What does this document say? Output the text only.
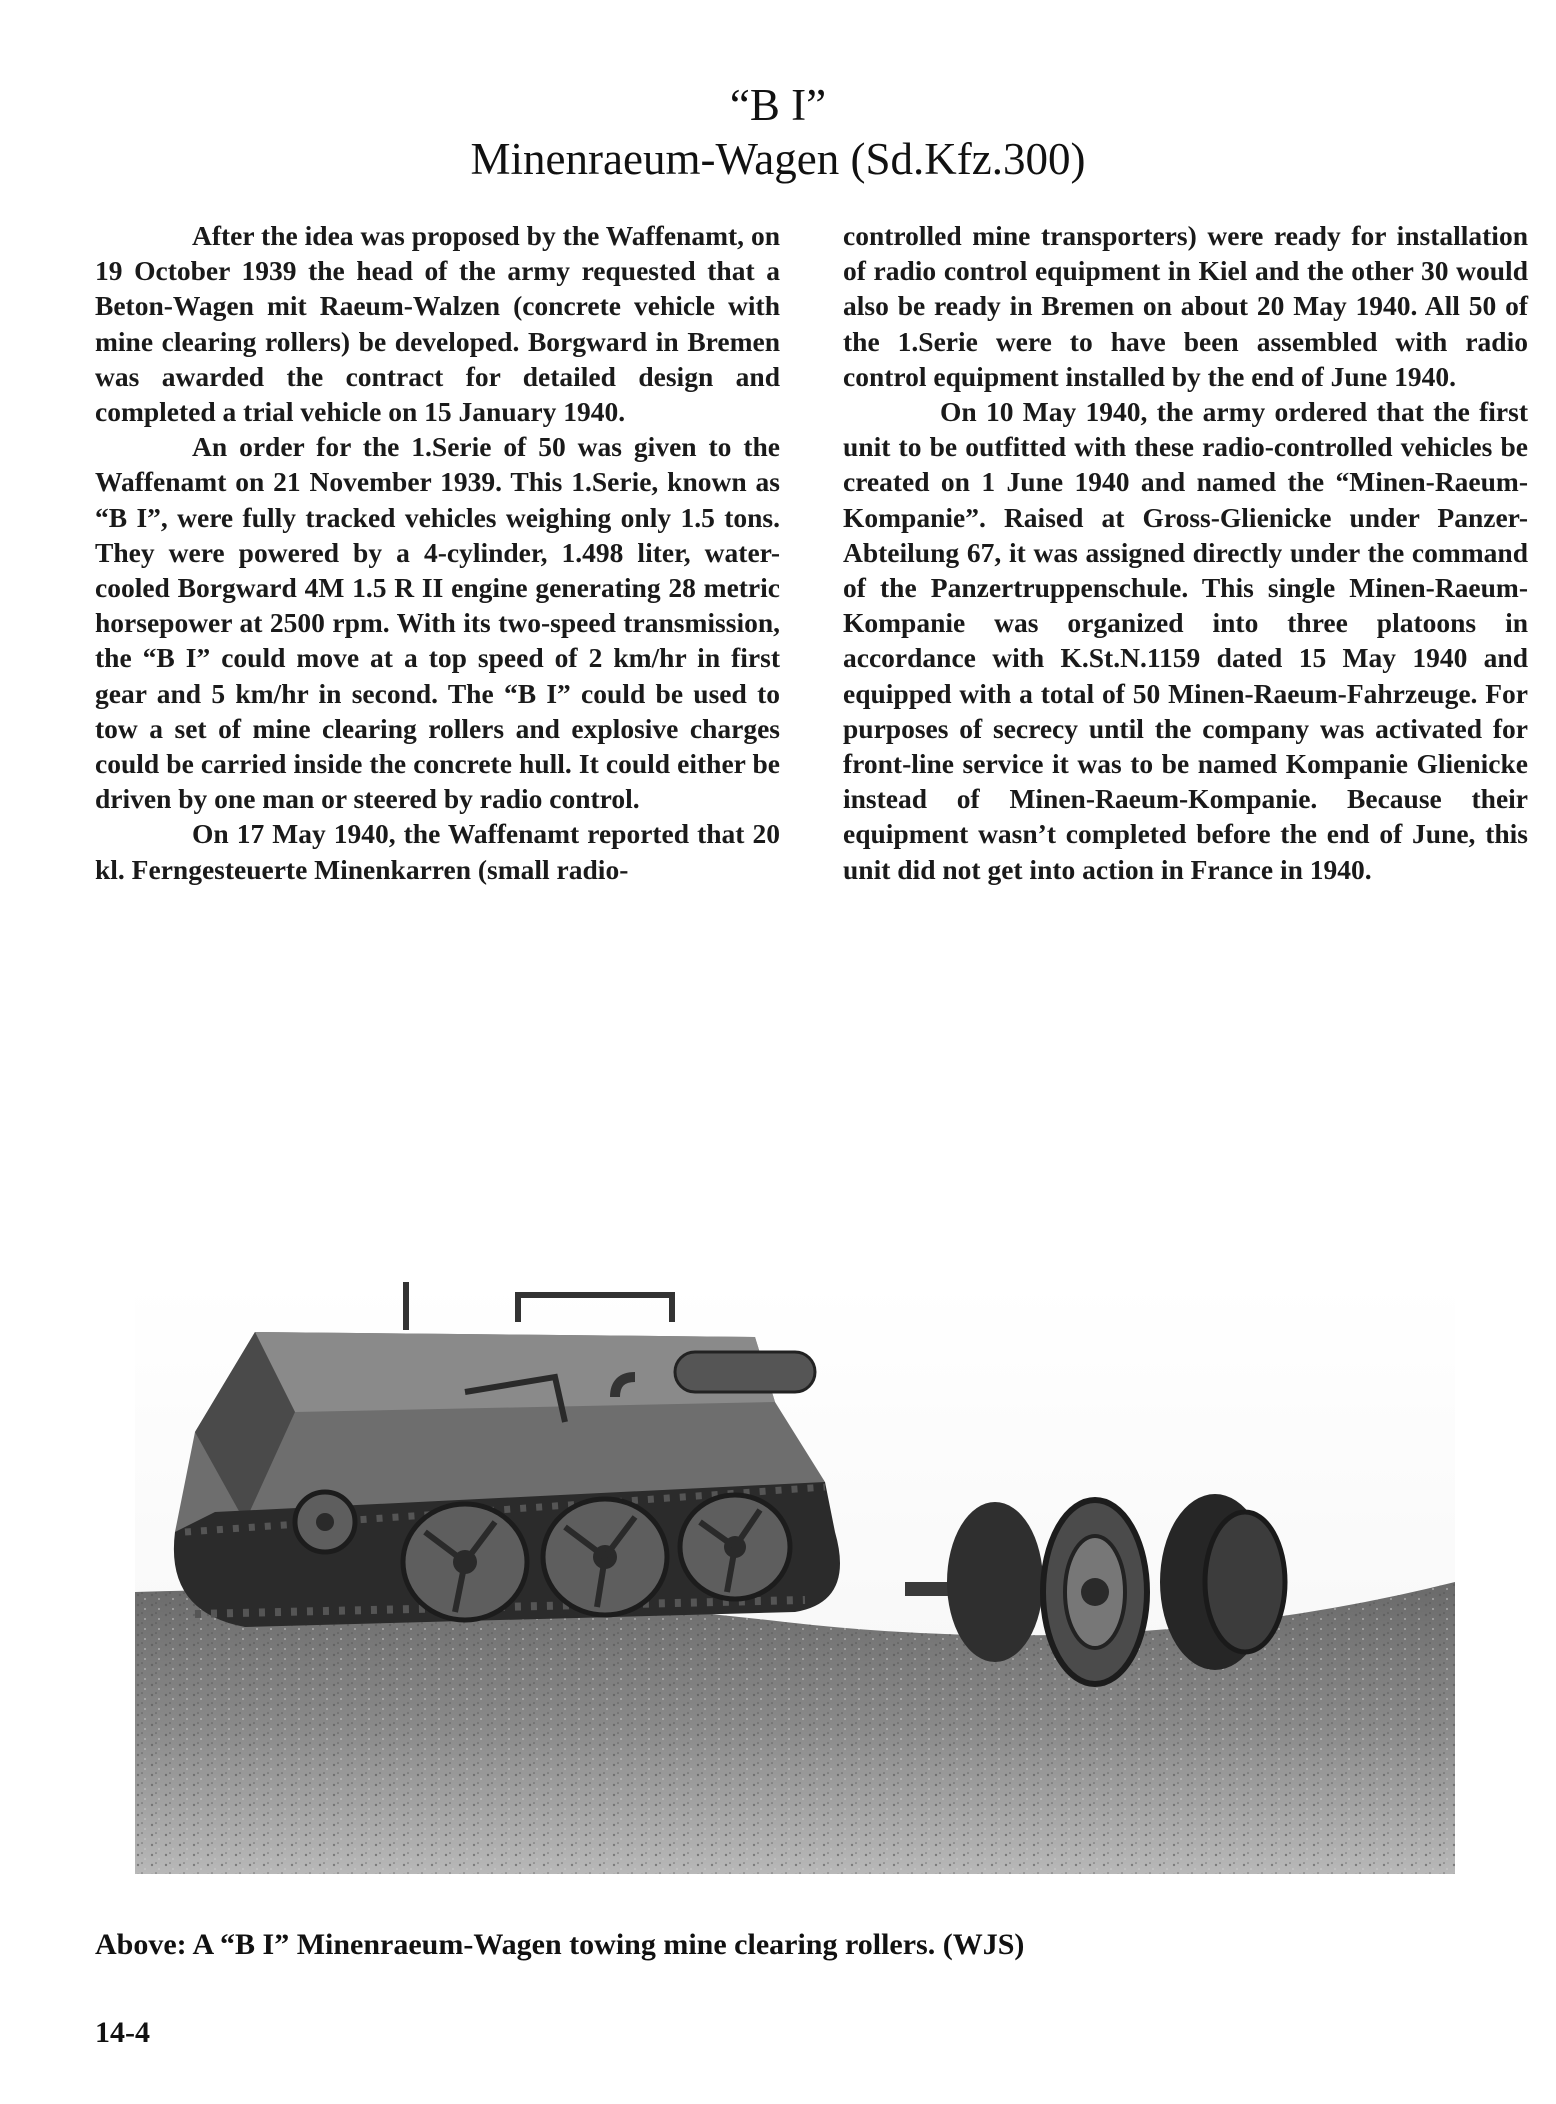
“B I”
Minenraeum-Wagen (Sd.Kfz.300)

After the idea was proposed by the Waffenamt, on 19 October 1939 the head of the army requested that a Beton-Wagen mit Raeum-Walzen (concrete vehicle with mine clearing rollers) be developed. Borgward in Bremen was awarded the contract for detailed design and completed a trial vehicle on 15 January 1940.

An order for the 1.Serie of 50 was given to the Waffenamt on 21 November 1939. This 1.Serie, known as “B I”, were fully tracked vehicles weighing only 1.5 tons. They were powered by a 4-cylinder, 1.498 liter, water-cooled Borgward 4M 1.5 R II engine generating 28 metric horsepower at 2500 rpm. With its two-speed transmission, the “B I” could move at a top speed of 2 km/hr in first gear and 5 km/hr in second. The “B I” could be used to tow a set of mine clearing rollers and explosive charges could be carried inside the concrete hull. It could either be driven by one man or steered by radio control.

On 17 May 1940, the Waffenamt reported that 20 kl. Ferngesteuerte Minenkarren (small radio-

controlled mine transporters) were ready for installation of radio control equipment in Kiel and the other 30 would also be ready in Bremen on about 20 May 1940. All 50 of the 1.Serie were to have been assembled with radio control equipment installed by the end of June 1940.

On 10 May 1940, the army ordered that the first unit to be outfitted with these radio-controlled vehicles be created on 1 June 1940 and named the “Minen-Raeum-Kompanie”. Raised at Gross-Glienicke under Panzer-Abteilung 67, it was assigned directly under the command of the Panzertruppenschule. This single Minen-Raeum-Kompanie was organized into three platoons in accordance with K.St.N.1159 dated 15 May 1940 and equipped with a total of 50 Minen-Raeum-Fahrzeuge. For purposes of secrecy until the company was activated for front-line service it was to be named Kompanie Glienicke instead of Minen-Raeum-Kompanie. Because their equipment wasn’t completed before the end of June, this unit did not get into action in France in 1940.

Above: A “B I” Minenraeum-Wagen towing mine clearing rollers. (WJS)
14-4
